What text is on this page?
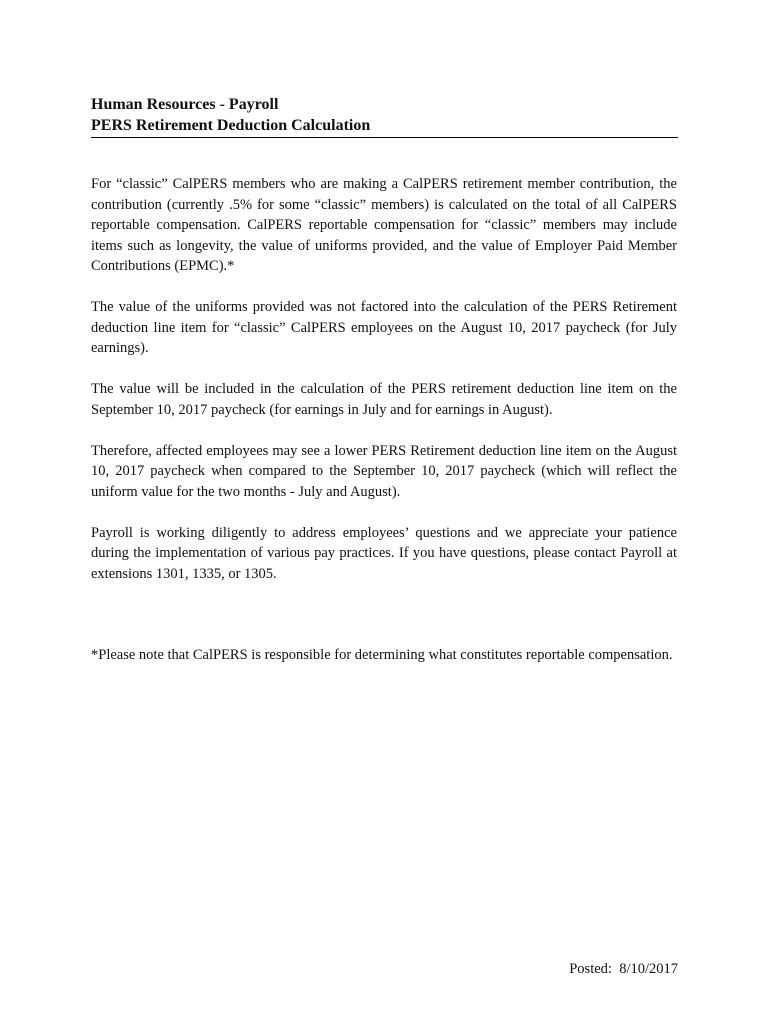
Human Resources - Payroll
PERS Retirement Deduction Calculation

For “classic” CalPERS members who are making a CalPERS retirement member contribution, the contribution (currently .5% for some “classic” members) is calculated on the total of all CalPERS reportable compensation. CalPERS reportable compensation for “classic” members may include items such as longevity, the value of uniforms provided, and the value of Employer Paid Member Contributions (EPMC).*

The value of the uniforms provided was not factored into the calculation of the PERS Retirement deduction line item for “classic” CalPERS employees on the August 10, 2017 paycheck (for July earnings).

The value will be included in the calculation of the PERS retirement deduction line item on the September 10, 2017 paycheck (for earnings in July and for earnings in August).

Therefore, affected employees may see a lower PERS Retirement deduction line item on the August 10, 2017 paycheck when compared to the September 10, 2017 paycheck (which will reflect the uniform value for the two months - July and August).

Payroll is working diligently to address employees’ questions and we appreciate your patience during the implementation of various pay practices. If you have questions, please contact Payroll at extensions 1301, 1335, or 1305.

*Please note that CalPERS is responsible for determining what constitutes reportable compensation.

Posted: 8/10/2017
